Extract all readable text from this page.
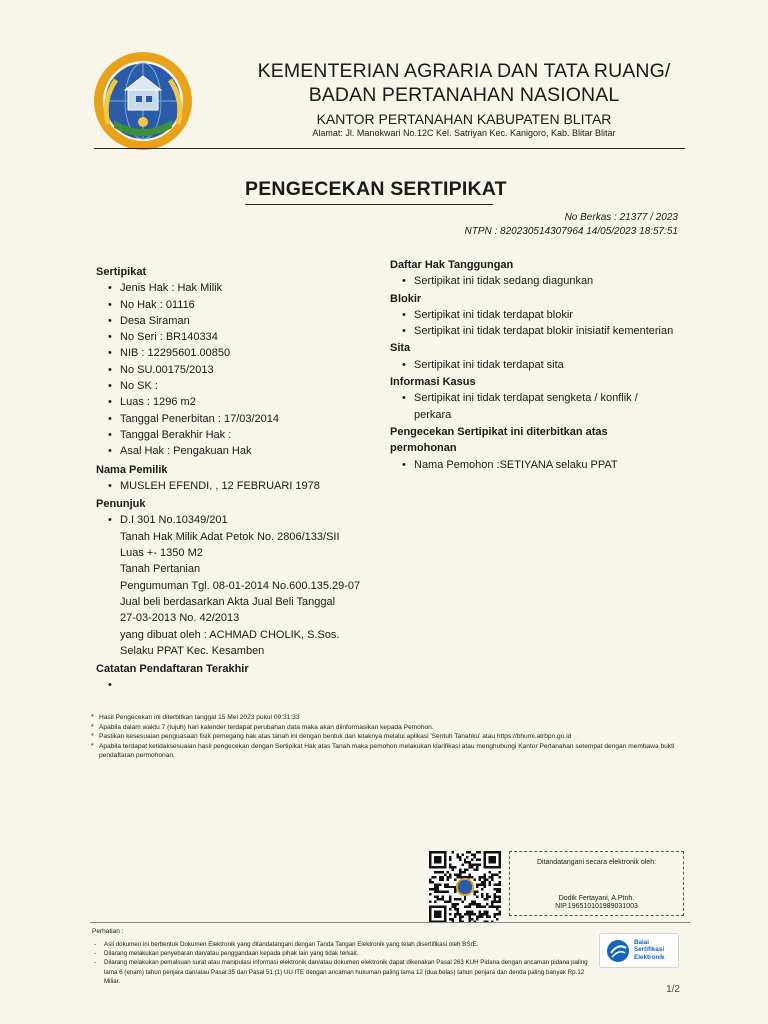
KEMENTERIAN AGRARIA DAN TATA RUANG/
BADAN PERTANAHAN NASIONAL
KANTOR PERTANAHAN KABUPATEN BLITAR
Alamat: Jl. Manokwari No.12C Kel. Satriyan Kec. Kanigoro, Kab. Blitar Blitar
PENGECEKAN SERTIPIKAT
No Berkas : 21377 / 2023
NTPN : 820230514307964 14/05/2023 18:57:51
Sertipikat
• Jenis Hak : Hak Milik
• No Hak : 01116
• Desa Siraman
• No Seri : BR140334
• NIB : 12295601.00850
• No SU.00175/2013
• No SK :
• Luas : 1296 m2
• Tanggal Penerbitan : 17/03/2014
• Tanggal Berakhir Hak :
• Asal Hak : Pengakuan Hak
Nama Pemilik
• MUSLEH EFENDI, , 12 FEBRUARI 1978
Penunjuk
• D.I 301 No.10349/201
Tanah Hak Milik Adat Petok No. 2806/133/SII
Luas +- 1350 M2
Tanah Pertanian
Pengumuman Tgl. 08-01-2014 No.600.135.29-07
Jual beli berdasarkan Akta Jual Beli Tanggal
27-03-2013 No. 42/2013
yang dibuat oleh : ACHMAD CHOLIK, S.Sos.
Selaku PPAT Kec. Kesamben
Catatan Pendaftaran Terakhir
•
Daftar Hak Tanggungan
• Sertipikat ini tidak sedang diagunkan
Blokir
• Sertipikat ini tidak terdapat blokir
• Sertipikat ini tidak terdapat blokir inisiatif kementerian
Sita
• Sertipikat ini tidak terdapat sita
Informasi Kasus
• Sertipikat ini tidak terdapat sengketa / konflik / perkara
Pengecekan Sertipikat ini diterbitkan atas permohonan
• Nama Pemohon :SETIYANA selaku PPAT
* Hasil Pengecekan ini diterbitkan tanggal 15 Mei 2023 pukul 09:31:33
* Apabila dalam waktu 7 (tujuh) hari kalender terdapat perubahan data maka akan diinformasikan kepada Pemohon.
* Pastikan kesesuaian penguasaan fisik pemegang hak atas tanah ini dengan bentuk dan letaknya melalui aplikasi 'Sentuh Tanahku' atau https://bhumi.atrbpn.go.id
* Apabila terdapat ketidaksesuaian hasil pengecekan dengan Sertipikat Hak atas Tanah maka pemohon melakukan klarifikasi atau menghubungi Kantor Pertanahan setempat dengan membawa bukti pendaftaran permohonan.
Ditandatangani secara elektronik oleh:
Dodik Fertayani, A.Ptnh.
NIP.196510101989031003
Perhatian :
- Asli dokumen ini berbentuk Dokumen Elektronik yang ditandatangani dengan Tanda Tangan Elektronik yang telah disertifikasi oleh BSrE.
- Dilarang melakukan penyebaran dan/atau penggandaan kepada pihak lain yang tidak terkait.
- Dilarang melakukan pemalsuan surat atau manipulasi informasi elektronik dan/atau dokumen elektronik dapat dikenakan Pasal 263 KUH Pidana dengan ancaman pidana paling lama 6 (enam) tahun penjara dan/atau Pasal 35 dan Pasal 51 (1) UU ITE dengan ancaman hukuman paling lama 12 (dua belas) tahun penjara dan denda paling banyak Rp.12 Miliar.
Balai
Sertifikasi
Elektronik
1/2
